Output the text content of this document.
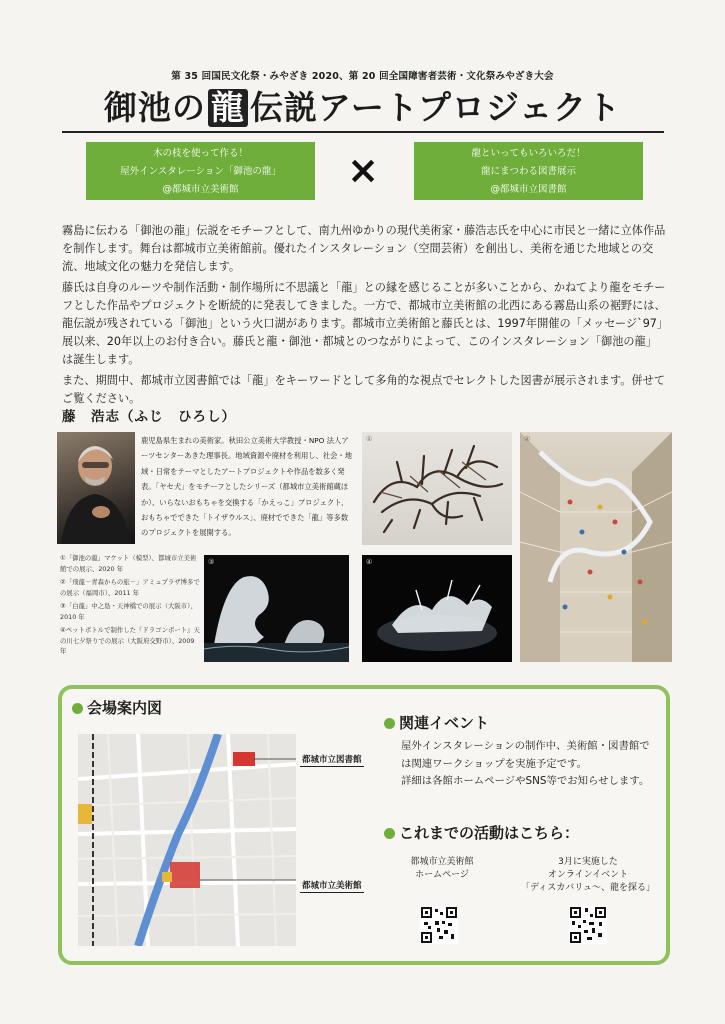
第 35 回国民文化祭・みやざき 2020、第 20 回全国障害者芸術・文化祭みやざき大会
御池の 龍 伝説アートプロジェクト
木の枝を使って作る！
屋外インスタレーション「御池の龍」
@都城市立美術館	×	龍といってもいろいろだ！
龍にまつわる図書展示
@都城市立図書館

霧島に伝わる「御池の龍」伝説をモチーフとして、南九州ゆかりの現代美術家・藤浩志氏を中心に市民と一緒に立体作品を制作します。舞台は都城市立美術館前。優れたインスタレーション（空間芸術）を創出し、美術を通じた地域との交流、地域文化の魅力を発信します。

藤氏は自身のルーツや制作活動・制作場所に不思議と「龍」との縁を感じることが多いことから、かねてより龍をモチーフとした作品やプロジェクトを断続的に発表してきました。一方で、都城市立美術館の北西にある霧島山系の裾野には、龍伝説が残されている「御池」という火口湖があります。都城市立美術館と藤氏とは、1997年開催の「メッセージ`97」展以来、20年以上のお付き合い。藤氏と龍・御池・都城とのつながりによって、このインスタレーション「御池の龍」は誕生します。

また、期間中、都城市立図書館では「龍」をキーワードとして多角的な視点でセレクトした図書が展示されます。併せてご覧ください。

藤　浩志（ふじ　ひろし）
鹿児島県生まれの美術家。秋田公立美術大学教授・NPO 法人アーツセンターあきた理事長。地域資源や廃材を利用し、社会・地域・日常をテーマとしたアートプロジェクトや作品を数多く発表。「ヤセ犬」をモチーフとしたシリーズ（都城市立美術館蔵ほか）、いらないおもちゃを交換する「かえっこ」プロジェクト、おもちゃでできた「トイザウルス」、廃材でできた「龍」等多数のプロジェクトを展開する。
①「御池の龍」マケット（模型）、都城市立美術館での展示、2020 年
②「飛龍－青森からの旅－」アミュプラザ博多での展示（福岡市）、2011 年
③「白龍」中之島・天神橋での展示（大阪市）、2010 年
④ペットボトルで制作した『ドラゴンボート』天の川七夕祭りでの展示（大阪府交野市）、2009 年
①	②
③	④
会場案内図
都城市立図書館
都城市立美術館
関連イベント

屋外インスタレーションの制作中、美術館・図書館では関連ワークショップを実施予定です。

詳細は各館ホームページやSNS等でお知らせします。

これまでの活動はこちら：
都城市立美術館
ホームページ
3月に実施した
オンラインイベント
「ディスカバリュ〜、龍を探る」
